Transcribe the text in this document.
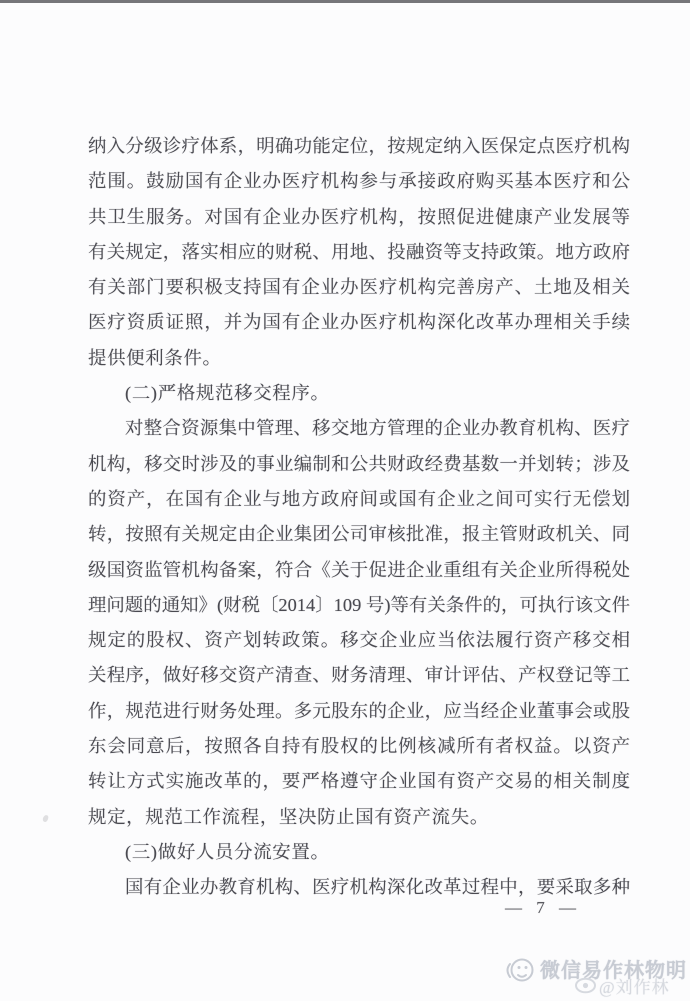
纳入分级诊疗体系，明确功能定位，按规定纳入医保定点医疗机构
范围。鼓励国有企业办医疗机构参与承接政府购买基本医疗和公
共卫生服务。对国有企业办医疗机构，按照促进健康产业发展等
有关规定，落实相应的财税、用地、投融资等支持政策。地方政府
有关部门要积极支持国有企业办医疗机构完善房产、土地及相关
医疗资质证照，并为国有企业办医疗机构深化改革办理相关手续
提供便利条件。
(二)严格规范移交程序。
对整合资源集中管理、移交地方管理的企业办教育机构、医疗
机构，移交时涉及的事业编制和公共财政经费基数一并划转；涉及
的资产，在国有企业与地方政府间或国有企业之间可实行无偿划
转，按照有关规定由企业集团公司审核批准，报主管财政机关、同
级国资监管机构备案，符合《关于促进企业重组有关企业所得税处
理问题的通知》(财税〔2014〕109 号)等有关条件的，可执行该文件
规定的股权、资产划转政策。移交企业应当依法履行资产移交相
关程序，做好移交资产清查、财务清理、审计评估、产权登记等工
作，规范进行财务处理。多元股东的企业，应当经企业董事会或股
东会同意后，按照各自持有股权的比例核减所有者权益。以资产
转让方式实施改革的，要严格遵守企业国有资产交易的相关制度
规定，规范工作流程，坚决防止国有资产流失。
(三)做好人员分流安置。
国有企业办教育机构、医疗机构深化改革过程中，要采取多种
— 7 —
微信易作林物明
@刘作林
